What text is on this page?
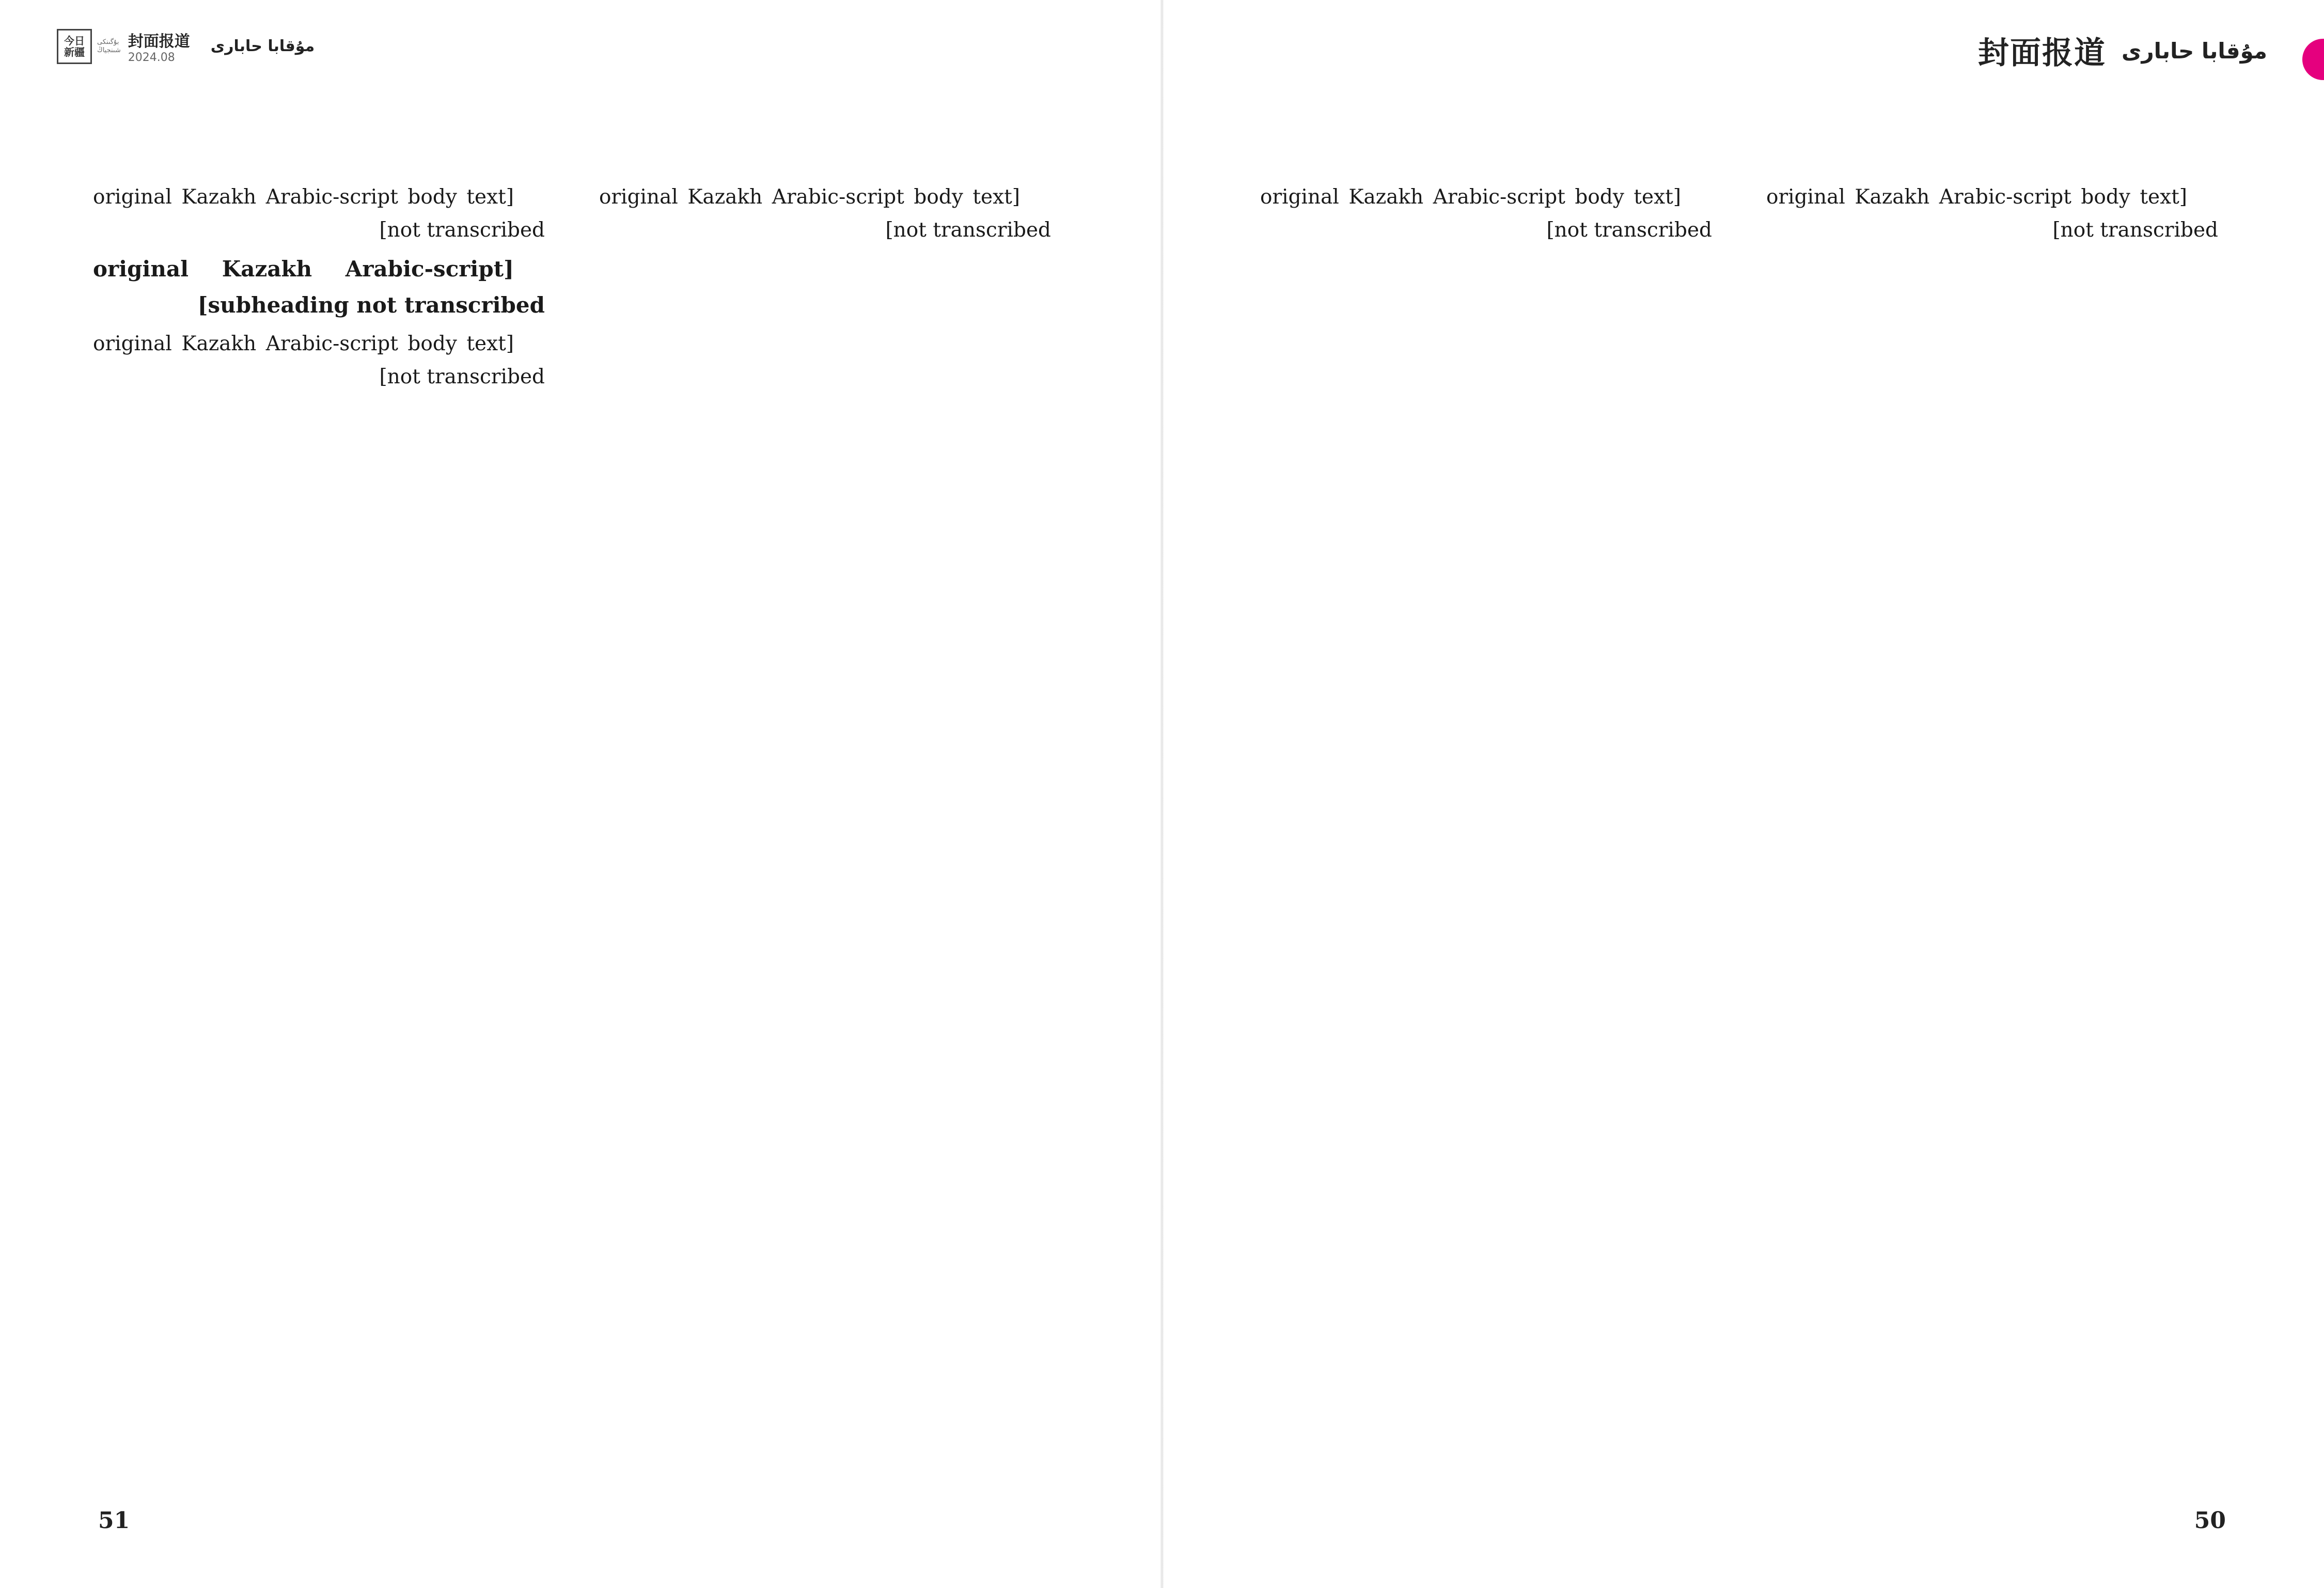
今日
新疆
بۇگىنكى
شىنجياڭ 封面报道
2024.08
مۇقابا حابارى

[original Kazakh Arabic-script body text not transcribed]

[original Kazakh Arabic-script subheading not transcribed]

[original Kazakh Arabic-script body text not transcribed]

[original Kazakh Arabic-script body text not transcribed]

51
封面报道 مۇقابا حابارى

[original Kazakh Arabic-script body text not transcribed]

[original Kazakh Arabic-script body text not transcribed]

50
